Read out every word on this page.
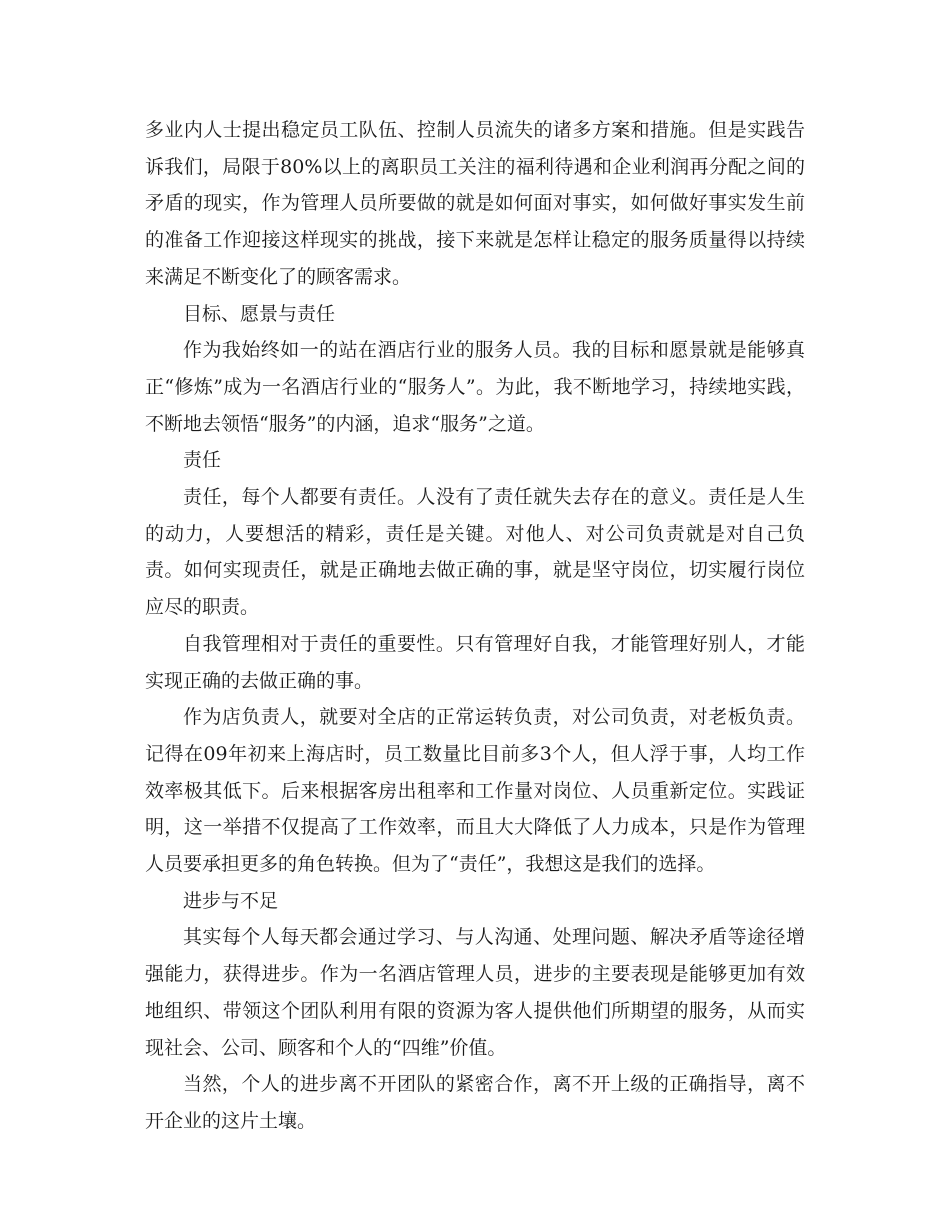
多业内人士提出稳定员工队伍、控制人员流失的诸多方案和措施。但是实践告诉我们，局限于80%以上的离职员工关注的福利待遇和企业利润再分配之间的矛盾的现实，作为管理人员所要做的就是如何面对事实，如何做好事实发生前的准备工作迎接这样现实的挑战，接下来就是怎样让稳定的服务质量得以持续来满足不断变化了的顾客需求。

目标、愿景与责任

作为我始终如一的站在酒店行业的服务人员。我的目标和愿景就是能够真正“修炼”成为一名酒店行业的“服务人”。为此，我不断地学习，持续地实践，不断地去领悟“服务”的内涵，追求“服务”之道。

责任

责任，每个人都要有责任。人没有了责任就失去存在的意义。责任是人生的动力，人要想活的精彩，责任是关键。对他人、对公司负责就是对自己负责。如何实现责任，就是正确地去做正确的事，就是坚守岗位，切实履行岗位应尽的职责。

自我管理相对于责任的重要性。只有管理好自我，才能管理好别人，才能实现正确的去做正确的事。

作为店负责人，就要对全店的正常运转负责，对公司负责，对老板负责。 记得在09年初来上海店时，员工数量比目前多3个人，但人浮于事，人均工作效率极其低下。后来根据客房出租率和工作量对岗位、人员重新定位。实践证明，这一举措不仅提高了工作效率，而且大大降低了人力成本，只是作为管理人员要承担更多的角色转换。但为了“责任”，我想这是我们的选择。

进步与不足

其实每个人每天都会通过学习、与人沟通、处理问题、解决矛盾等途径增强能力，获得进步。作为一名酒店管理人员，进步的主要表现是能够更加有效地组织、带领这个团队利用有限的资源为客人提供他们所期望的服务，从而实现社会、公司、顾客和个人的“四维”价值。

当然，个人的进步离不开团队的紧密合作，离不开上级的正确指导，离不开企业的这片土壤。
